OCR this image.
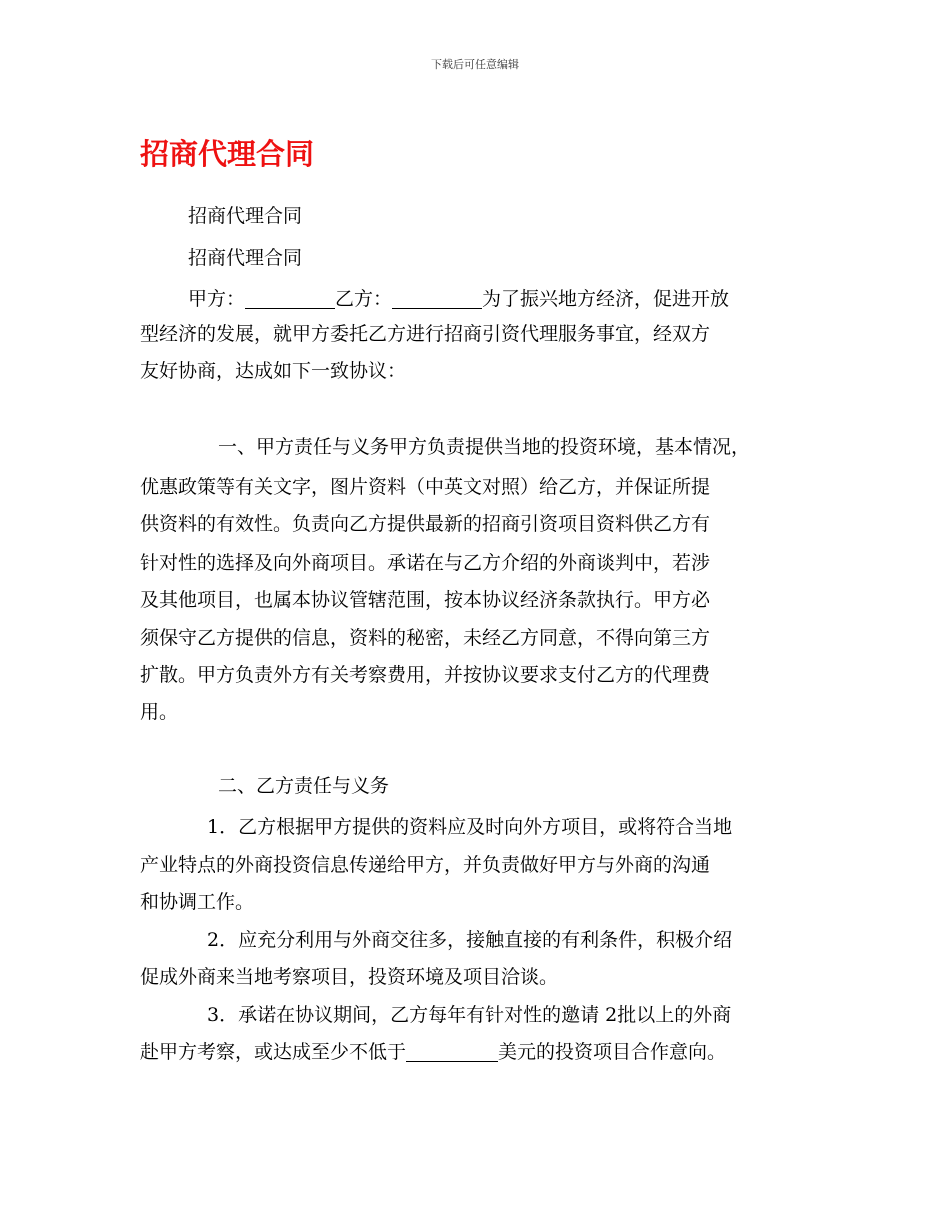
下载后可任意编辑
招商代理合同
招商代理合同
招商代理合同
甲方：	乙方：	为了振兴地方经济，促进开放
型经济的发展，就甲方委托乙方进行招商引资代理服务事宜，经双方
友好协商，达成如下一致协议：
一、甲方责任与义务甲方负责提供当地的投资环境，基本情况，
优惠政策等有关文字，图片资料（中英文对照）给乙方，并保证所提
供资料的有效性。负责向乙方提供最新的招商引资项目资料供乙方有
针对性的选择及向外商项目。承诺在与乙方介绍的外商谈判中，若涉
及其他项目，也属本协议管辖范围，按本协议经济条款执行。甲方必
须保守乙方提供的信息，资料的秘密，未经乙方同意，不得向第三方
扩散。甲方负责外方有关考察费用，并按协议要求支付乙方的代理费
用。
二、乙方责任与义务
1．乙方根据甲方提供的资料应及时向外方项目，或将符合当地
产业特点的外商投资信息传递给甲方，并负责做好甲方与外商的沟通
和协调工作。
2．应充分利用与外商交往多，接触直接的有利条件，积极介绍
促成外商来当地考察项目，投资环境及项目洽谈。
3．承诺在协议期间，乙方每年有针对性的邀请 2批以上的外商
赴甲方考察，或达成至少不低于	美元的投资项目合作意向。
